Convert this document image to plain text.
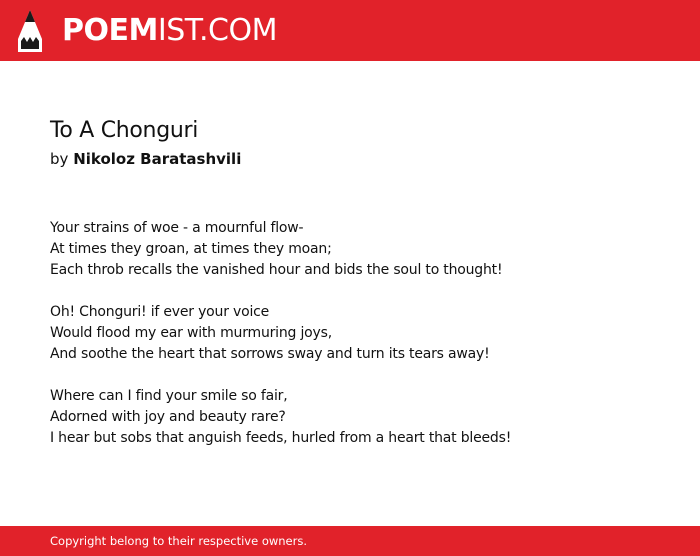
POEMIST.COM
To A Chonguri
by Nikoloz Baratashvili
Your strains of woe - a mournful flow-
At times they groan, at times they moan;
Each throb recalls the vanished hour and bids the soul to thought!
Oh! Chonguri! if ever your voice
Would flood my ear with murmuring joys,
And soothe the heart that sorrows sway and turn its tears away!
Where can I find your smile so fair,
Adorned with joy and beauty rare?
I hear but sobs that anguish feeds, hurled from a heart that bleeds!
Copyright belong to their respective owners.
